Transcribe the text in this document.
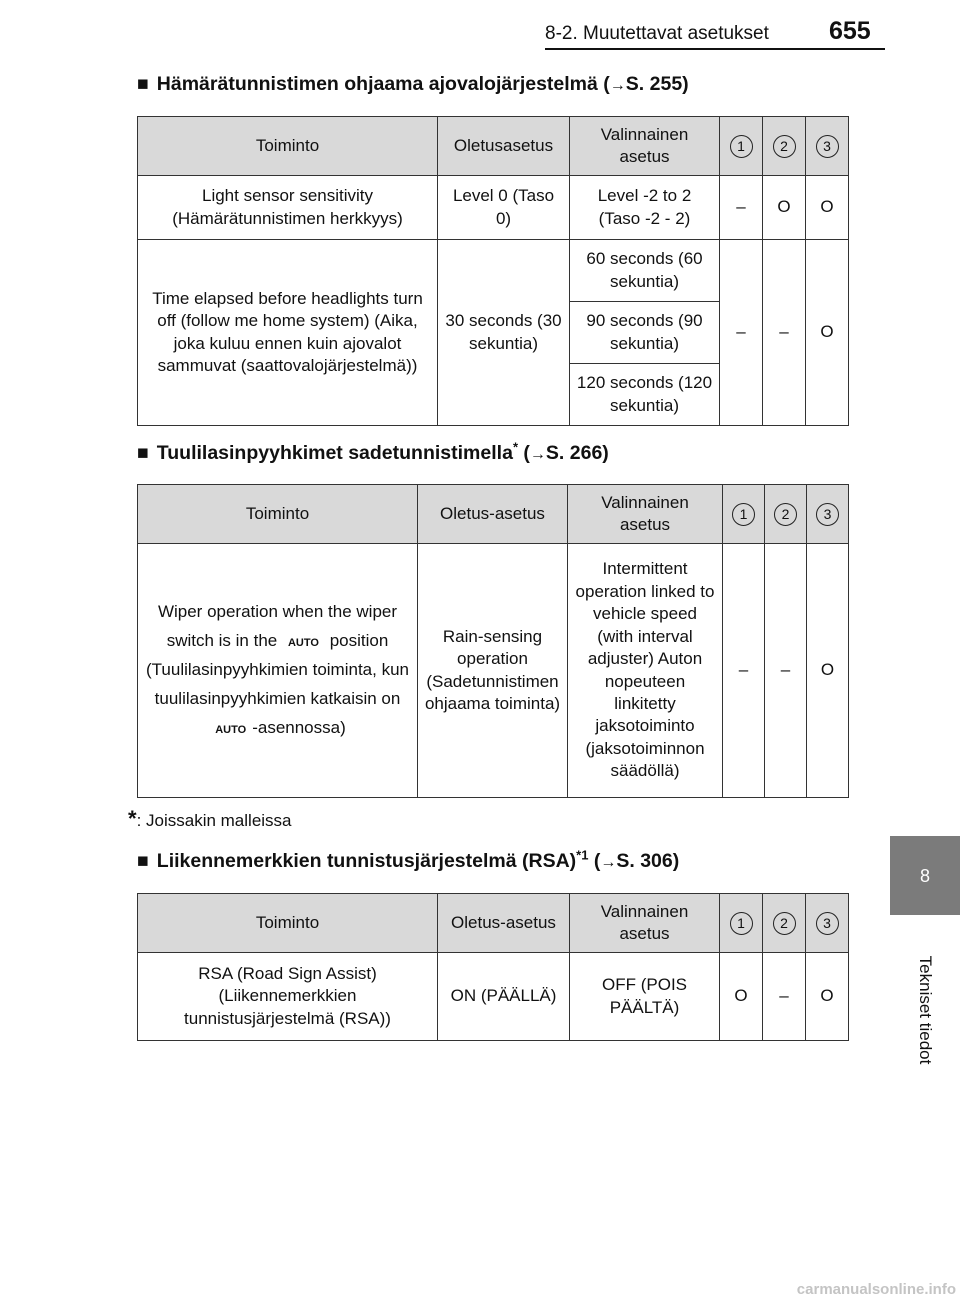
8-2. Muutettavat asetukset 655
8
Tekniset tiedot
■ Hämärätunnistimen ohjaama ajovalojärjestelmä (→S. 255)
Toiminto	Oletusasetus	Valinnainen asetus	1	2	3
Light sensor sensitivity (Hämärätunnistimen herkkyys)	Level 0 (Taso 0)	Level -2 to 2 (Taso -2 - 2)	–	O	O
Time elapsed before headlights turn off (follow me home system) (Aika, joka kuluu ennen kuin ajovalot sammuvat (saattovalojärjestelmä))	30 seconds (30 sekuntia)	60 seconds (60 sekuntia)	–	–	O
		90 seconds (90 sekuntia)			
		120 seconds (120 sekuntia)			
■ Tuulilasinpyyhkimet sadetunnistimella* (→S. 266)
Toiminto	Oletus-asetus	Valinnainen asetus	1	2	3
Wiper operation when the wiper switch is in the AUTO position (Tuulilasinpyyhkimien toiminta, kun tuulilasinpyyhkimien katkaisin on AUTO -asennossa)	Rain-sensing operation (Sadetunnistimen ohjaama toiminta)	Intermittent operation linked to vehicle speed (with interval adjuster) Auton nopeuteen linkitetty jaksotoiminto (jaksotoiminnon säädöllä)	–	–	O
*: Joissakin malleissa
■ Liikennemerkkien tunnistusjärjestelmä (RSA)$^{*1}$ (→S. 306)
Toiminto	Oletus-asetus	Valinnainen asetus	1	2	3
RSA (Road Sign Assist) (Liikennemerkkien tunnistusjärjestelmä (RSA))	ON (PÄÄLLÄ)	OFF (POIS PÄÄLTÄ)	O	–	O
carmanualsonline.info
